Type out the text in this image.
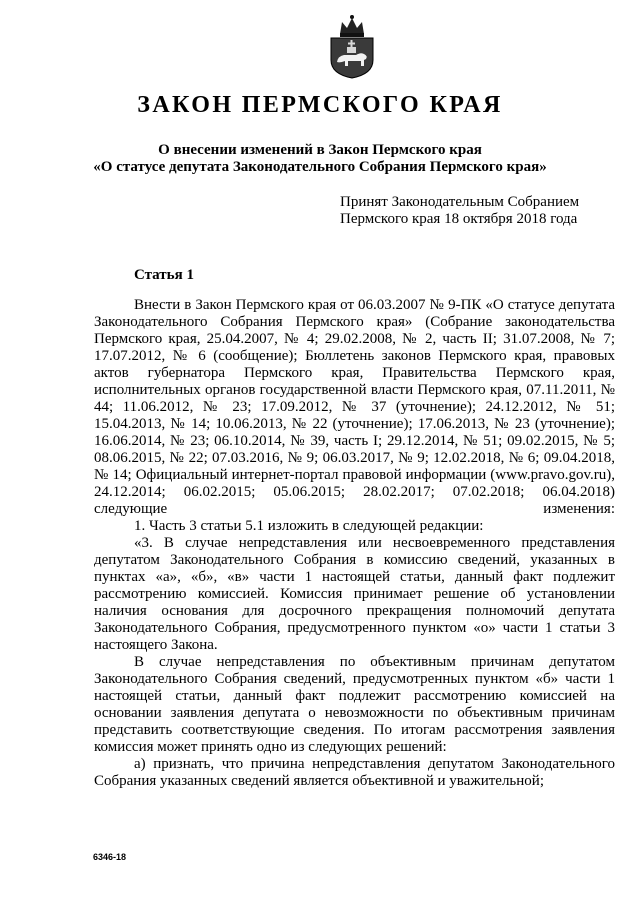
ЗАКОН ПЕРМСКОГО КРАЯ
О внесении изменений в Закон Пермского края
«О статусе депутата Законодательного Собрания Пермского края»
Принят Законодательным Собранием
Пермского края 18 октября 2018 года
Статья 1

Внести в Закон Пермского края от 06.03.2007 № 9-ПК «О статусе депутата Законодательного Собрания Пермского края» (Собрание законодательства Пермского края, 25.04.2007, № 4; 29.02.2008, № 2, часть II; 31.07.2008, № 7; 17.07.2012, № 6 (сообщение); Бюллетень законов Пермского края, правовых актов губернатора Пермского края, Правительства Пермского края, исполнительных органов государственной власти Пермского края, 07.11.2011, № 44; 11.06.2012, № 23; 17.09.2012, № 37 (уточнение); 24.12.2012, № 51; 15.04.2013, № 14; 10.06.2013, № 22 (уточнение); 17.06.2013, № 23 (уточнение); 16.06.2014, № 23; 06.10.2014, № 39, часть I; 29.12.2014, № 51; 09.02.2015, № 5; 08.06.2015, № 22; 07.03.2016, № 9; 06.03.2017, № 9; 12.02.2018, № 6; 09.04.2018, № 14; Официальный интернет-портал правовой информации (www.pravo.gov.ru), 24.12.2014; 06.02.2015; 05.06.2015; 28.02.2017; 07.02.2018; 06.04.2018) следующие изменения:

1. Часть 3 статьи 5.1 изложить в следующей редакции:

«3. В случае непредставления или несвоевременного представления депутатом Законодательного Собрания в комиссию сведений, указанных в пунктах «а», «б», «в» части 1 настоящей статьи, данный факт подлежит рассмотрению комиссией. Комиссия принимает решение об установлении наличия основания для досрочного прекращения полномочий депутата Законодательного Собрания, предусмотренного пунктом «о» части 1 статьи 3 настоящего Закона.

В случае непредставления по объективным причинам депутатом Законодательного Собрания сведений, предусмотренных пунктом «б» части 1 настоящей статьи, данный факт подлежит рассмотрению комиссией на основании заявления депутата о невозможности по объективным причинам представить соответствующие сведения. По итогам рассмотрения заявления комиссия может принять одно из следующих решений:

а) признать, что причина непредставления депутатом Законодательного Собрания указанных сведений является объективной и уважительной;

6346-18
